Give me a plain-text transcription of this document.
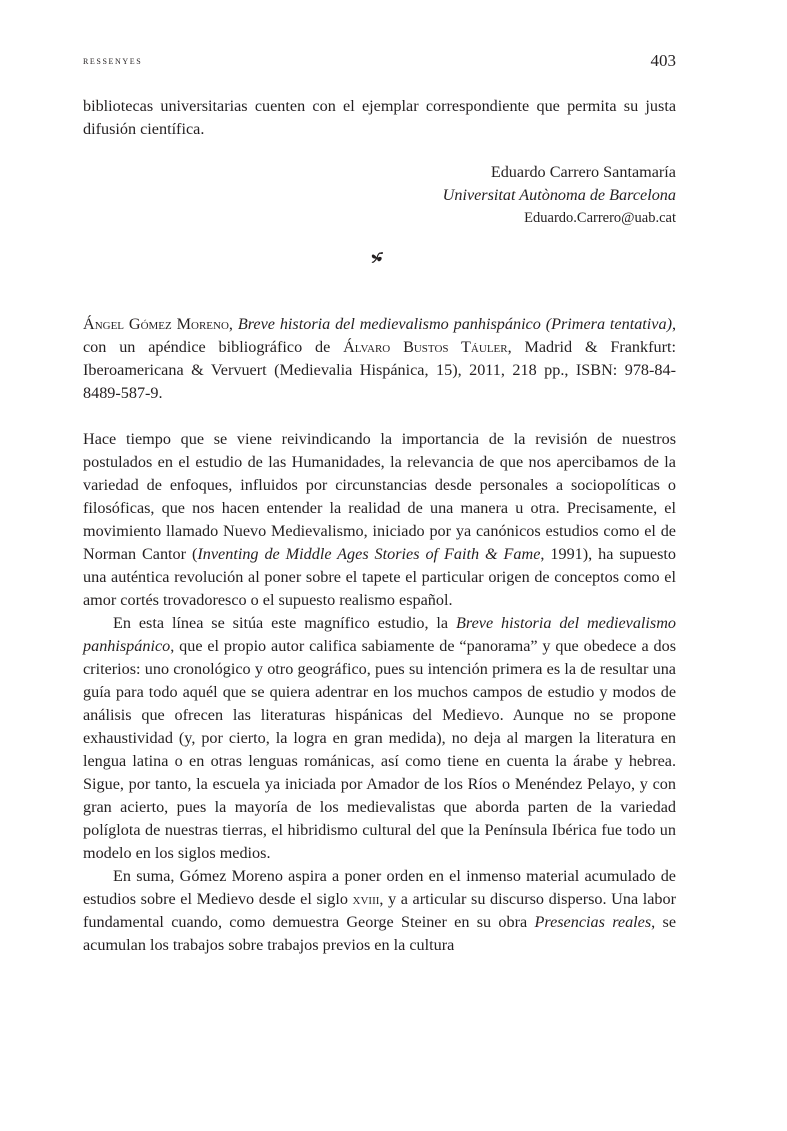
ressenyes	403

bibliotecas universitarias cuenten con el ejemplar correspondiente que permita su justa difusión científica.

Eduardo Carrero Santamaría
Universitat Autònoma de Barcelona
Eduardo.Carrero@uab.cat

Ángel Gómez Moreno, Breve historia del medievalismo panhispánico (Primera tentativa), con un apéndice bibliográfico de Álvaro Bustos Táuler, Madrid & Frankfurt: Iberoamericana & Vervuert (Medievalia Hispánica, 15), 2011, 218 pp., ISBN: 978-84-8489-587-9.

Hace tiempo que se viene reivindicando la importancia de la revisión de nuestros postulados en el estudio de las Humanidades, la relevancia de que nos apercibamos de la variedad de enfoques, influidos por circunstancias desde personales a sociopolíticas o filosóficas, que nos hacen entender la realidad de una manera u otra. Precisamente, el movimiento llamado Nuevo Medievalismo, iniciado por ya canónicos estudios como el de Norman Cantor (Inventing de Middle Ages Stories of Faith & Fame, 1991), ha supuesto una auténtica revolución al poner sobre el tapete el particular origen de conceptos como el amor cortés trovadoresco o el supuesto realismo español.

En esta línea se sitúa este magnífico estudio, la Breve historia del medievalismo panhispánico, que el propio autor califica sabiamente de “panorama” y que obedece a dos criterios: uno cronológico y otro geográfico, pues su intención primera es la de resultar una guía para todo aquél que se quiera adentrar en los muchos campos de estudio y modos de análisis que ofrecen las literaturas hispánicas del Medievo. Aunque no se propone exhaustividad (y, por cierto, la logra en gran medida), no deja al margen la literatura en lengua latina o en otras lenguas románicas, así como tiene en cuenta la árabe y hebrea. Sigue, por tanto, la escuela ya iniciada por Amador de los Ríos o Menéndez Pelayo, y con gran acierto, pues la mayoría de los medievalistas que aborda parten de la variedad políglota de nuestras tierras, el hibridismo cultural del que la Península Ibérica fue todo un modelo en los siglos medios.

En suma, Gómez Moreno aspira a poner orden en el inmenso material acumulado de estudios sobre el Medievo desde el siglo xviii, y a articular su discurso disperso. Una labor fundamental cuando, como demuestra George Steiner en su obra Presencias reales, se acumulan los trabajos sobre trabajos previos en la cultura
